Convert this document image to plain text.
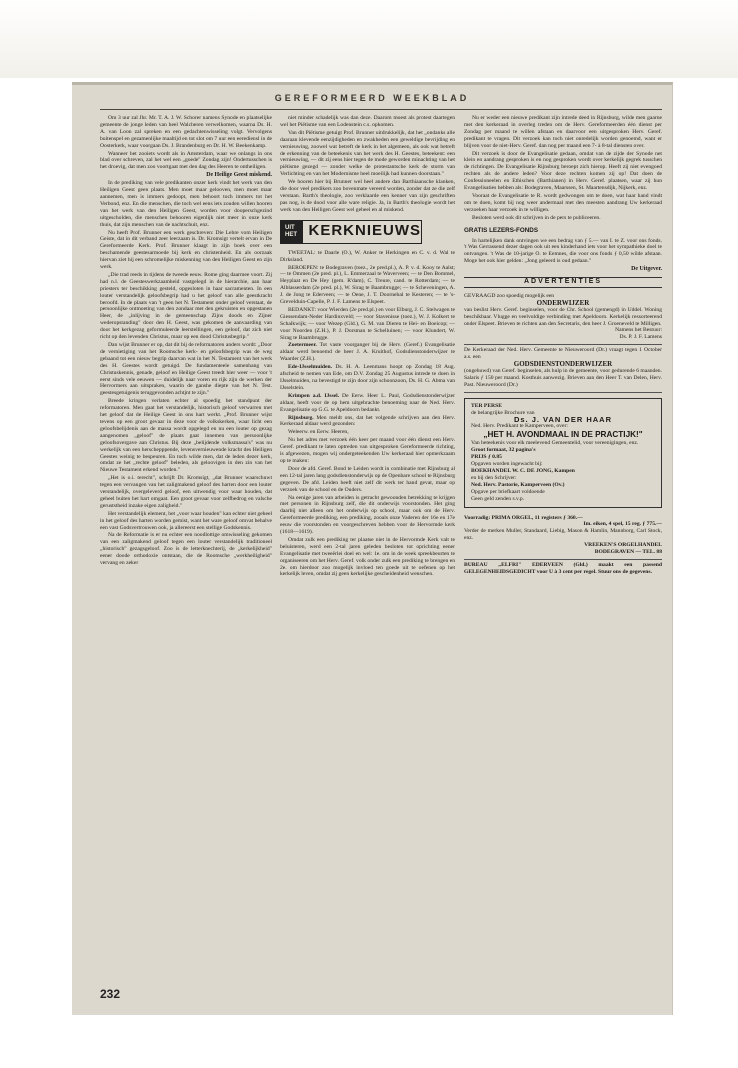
GEREFORMEERD WEEKBLAD

Om 3 uur zal Jhr. Mr. T. A. J. W. Schorer namens Synode en plaatselijke gemeente de jonge leden van heel Walcheren verwelkomen, waarna Ds. H. A. van Loon zal spreken en een gedachtenwisseling volgt. Vervolgens buitenspel en gezamenlijke maaltijd en tot slot om 7 uur een eerediensl in de Oosterkerk, waar voorgaan Ds. J. Brandenburg en Dr. H. W. Beekenkamp.

Wanneer het zooiets wordt als in Amsterdam, waar we onlangs in ons blad over schreven, zal het wel een „goede" Zondag zijn! Ondertusschen is het droevig, dat men zoo voortgaat met den dag des Heeren te ontheiligen.

De Heilige Geest miskend.

In de prediking van vele predikanten onzer kerk vindt het werk van den Heiligen Geest geen plaats. Men moet maar gelooven, men moet maar aannemen, men is immers gedoopt, men behoort toch immers tot het Verbond, enz. En die menschen, die toch wel eens iets zouden willen hooren van het werk van den Heiligen Geest, worden voor dooperschgezind uitgescholden, die menschen behooren eigenlijk niet meer in onze kerk thuis, dat zijn menschen van de nachtschuit, enz.

Nu heeft Prof. Brunner een werk geschreven: Die Lehre vom Heiligen Geiste, dat in dit verband zeer leerzaam is. Dr. Kromsigt vertelt ervan in De Gereformeerde Kerk. Prof. Brunner klaagt in zijn boek over een beschamende geestesarmoede bij kerk en christenheid. En als oorzaak hiervan ziet hij een schromelijke miskenning van den Heiligen Geest en zijn werk.

„Die trad reeds in tijdens de tweede eeuw. Rome ging daarmee voort. Zij had n.l. de Geesteswerkzaamheid vastgelegd in de hierarchie, aan haar priesters ter beschikking gesteld, opgesloten in haar sacramenten. In een louter verstandelijk geloofsbegrip had u het geloof van alle geestkracht beroofd. In de plaats van 't geen het N. Testament onder geloof verstaat, de persoonlijke ontmoeting van den zondaar met den gekruisten en opgestanen Heer, de „inlijving in de gemeenschap Zijns doods en Zijner wederopstanding" door den H. Geest, was gekomen de aanvaarding van door het kerkgezag geformuleerde leerstellingen, een geloof, dat zich niet richt op den levenden Christus, maar op een dood Christusbegrip."

Dan wijst Brunner er op, dat dit bij de reformatoren anders wordt: „Door de vernietiging van het Roomsche kerk- en geloofsbegrip was de weg gebaand tot een nieuw begrip daarvan wat in het N. Testament van het werk des H. Geestes wordt getuigd. De fundamenteele samenhang van Christuskennis, genade, geloof en Heilige Geest treedt hier weer — voor 't eerst sinds vele eeuwen — duidelijk naar voren en rijk zijn de werken der Hervormers aan uitspraken, waarin de ganshe diepte van het N. Test. geestesgetuigenis teruggevonden achtjnt te zijn."

Breede kringen verlaten echter al spoedig het standpunt der reformatoren. Men gaat het verstandelijk, historisch geloof verwarren met het geloof dat de Heilige Geest in ons hart werkt. „Prof. Brunner wijst tevens op een groot gevaar in deze voor de volkskerken, waar licht een geloofsbelijdenis aan de massa wordt opgelegd en nu een louter op gezag aangenomen „geloof" de plaats gaat innemen van persoonlijke geloofsovergave aan Christus. Bij deze „belijdende volksmassa's" was nu werkelijk van een herschepppende, levensvernieuwende kracht des Heiligen Geestes weinig te bespeuren. En toch wilde men, dat de leden dezer kerk, omdat ze het „rechte geloof" beleden, als geloovigen in den zin van het Nieuwe Testament erkend worden."

„Het is o.i. terecht", schrijft Dr. Kromsigt, „dat Brunner waarschuwt tegen een vervangen van het zaligmakend geloof des harten door een louter verstandelijk, overgeleverd geloof, een uitwendig voor waar houden, dat geheel buiten het hart omgaat. Een groot gevaar voor zelfbedrog en valsche geruststheid inzake eigen zaligheid."

Het verstandelijk element, het „voor waar houden" kan echter niet geheel in het geloof des harten worden gemist, want het ware geloof omvat behalve een vast Godsvertrouwen ook, ja allereerst een stellige Godskennis.

Na de Reformatie is er nu echter een noodlottige omwisseling gekomen van een zaligmakend geloof tegen een louter verstandelijk traditioneel „historisch" gezagsgeloof. Zoo is de letterknechterij, de „kerkelijkheid" eener doode orthodoxie ontstaan, die de Roomsche „werkheiligheid" vervang en zeker

niet minder schadelijk was dan deze. Daarom moest als protest daartegen wel het Piëtisme van een Lodenstein c.s. opkomen.

Van dit Piëtisme getuigt Prof. Brunner uitdrukkelijk, dat het „ondanks alle daaraan klevende eenzijdigheden en zwakheden een geweldige bevrijding en vernieuwing, zoowel wat betreft de kerk in het algemeen, als ook wat betreft de erkenning van de beteekenis van het werk des H. Geestes, beteekent: een vernieuwing, — dit zij eens hier tegen de mode geworden minachting van het piëtisme gezegd — zonder welke de protestantsche kerk de storm van Verlichting en van het Modernisme heel moeilijk had kunnen doorstaan."

We hooren hier bij Brunner wel heel andere dan Barthiaansche klanken, die door veel predikers zoo bovenmate vereerd worden, zonder dat ze die zelf verstaan. Barth's theologie, zoo verklaarde een kenner van zijn geschriften pas nog, is de dood voor alle ware religie. Ja, in Barth's theologie wordt het werk van den Heiligen Geest wel geheel en al miskend.

UIT HET KERKNIEUWS

TWEETAL: te Daarle (O.), W. Anker te Herkingen en C. v. d. Wal te Dirksland.

BEROEPEN: te Bodegraven (toez., 2e pred.pl.), A. P. v. d. Kooy te Aalst; — te Ommen (2e pred. pl.), L. Emmerzaal te Waverveen; — te Den Bommel, Heyplaat en De Hey (gem. R'dam), C. Treure, cand. te Rotterdam; — te Alblasserdam (2e pred. pl.), W. Sirag te Baambrugge; — te Scheveningen, A. J. de Jong te Ederveen; — te Oene, J. T. Doornebal te Kesteren; — te 's-Grevelduin-Capelle, P. J. F. Lamens te Elspeet.

BEDANKT: voor Wierden (2e pred.pl.) en voor Elburg, J. C. Stelwagen te Giessendam-Neder Hardinxveld; — voor Stavenisse (toez.), W. J. Kolkert te Schalkwijk; — voor Wezep (Gld.), G. M. van Dieren te Hei- en Boeicop; — voor Noorden (Z.H.), P. J. Dorsman te Schelluinen; — voor Klundert, W. Sirag te Baambrugge.

Zoetermeer. Tot vaste voorganger bij de Herv. (Geref.) Evangelisatie aldaar werd benoemd de heer J. A. Kruithof, Godsdienstonderwijzer te Waarder (Z.H.).

Ede-IJsselmuiden. Ds. H. A. Leenmans hoopt op Zondag 18 Aug. afscheid te nemen van Ede, om D.V. Zondag 25 Augustus intrede te doen in IJsselmuiden, na bevestigd te zijn door zijn schoonzoon, Ds. H. G. Abma van IJsselstein.

Krimpen a.d. IJssel. De Eerw. Heer L. Paul, Godsdienstonderwijzer aldaar, heeft voor de op hem uitgebrachte benoeming naar de Ned. Herv. Evangelisatie op G.G. te Apeldoorn bedankt.

Rijnsburg. Men meldt ons, dat het volgende schrijven aan den Herv. Kerkeraad aldaar werd gezonden:

Weleerw. en Eerw. Heeren,

Nu het adres met verzoek één keer per maand voor één dienst een Herv. Geref. predikant te laten optreden van uitgesproken Gereformeerde richting, is afgewezen, mogen wij ondergeteekenden Uw kerkeraad hier opmerkzaam op te maken:

Door de afd. Geref. Bond te Leiden wordt in combinatie met Rijnsburg al een 12-tal jaren lang godsdienstonderwijs op de Openbare school te Rijnsburg gegeven. De afd. Leiden heeft niet zelf dit werk ter hand gevat, maar op verzoek van de school en de Ouders.

Na eenige jaren van arbeiden is getracht gewoonden betrekking te krijgen met personen in Rijnsburg zelf, die dit onderwijs voorstonden. Het ging daarbij niet alleen om het onderwijs op school, maar ook om de Herv. Gereformeerde prediking, een prediking, zooals onze Vaderen der 16e en 17e eeuw die voorstonden en voorgeschreven hebben voor de Hervormde kerk (1618—1619).

Omdat zulk een prediking ter plaatse niet in de Hervormde Kerk valt te beluisteren, werd een 2-tal jaren geleden besloten tot oprichting eener Evangelisatie met tweeërlei doel en wel: 1e. om in de week spreekbeurten te organiseeren om het Herv. Geref. volk onder zulk een prediking te brengen en 2e. om hierdoor zoo mogelijk invloed ten goede uit te oefenen op het kerkelijk leven, omdat zij geen kerkelijke gescheidenheid wenschen.

Nu er weder een nieuwe predikant zijn intrede deed in Rijnsburg, wilde men gaarne met den kerkeraad in overleg treden om de Herv. Gereformeerden één dienst per Zondag per maand te willen afstaan en daarvoor een uitgesproken Herv. Geref. predikant te vragen. Dit verzoek kan toch niet onredelijk worden genoemd, want er blijven voor de niet-Herv. Geref. dan nog per maand een 7- à 8-tal diensten over.

Dit verzoek is door de Evangelisatie gedaan, omdat van de zijde der Synode net klein en aandrang gesproken is en nog gesproken wordt over kerkelijk gegrek tusschen de richtingen. De Evangelisatie Rijnsburg beroept zich hierop. Heeft zij niet evengoed rechten als de andere leden? Voor deze rechten komen zij op! Dat doen de Confessioneelen en Ethischen (Barthianen) in Herv. Geref. plaatsen, waar zij hun Evangelisaties hebben als: Bodegraven, Maarssen, St. Maartensdijk, Nijkerk, enz.

Vooraat de Evangelisatie te R. wordt gedwongen om te doen, wat haar hand vindt om te doen, komt hij nog weer andermaal met den meesten aandrang Uw kerkeraad verzoeken haar verzoek in te willigen.

Besloten werd ook dit schrijven in de pers te publiceeren.

GRATIS LEZERS-FONDS

In hartelijken dank ontvingen we een bedrag van ƒ 5.— van I. te Z. voor ons fonds. 't Was Gerrassend dezer dagen ook uit een kinderhand iets voor het sympathieke doel te ontvangen. 't Was de 10-jarige O. te Eemnes, die voor ons fonds ƒ 0,50 wilde afstaan. Moge het ook hier gelden: „Jong geleerd is oud gedaan."

De Uitgever.

ADVERTENTIES

GEVRAAGD zoo spoedig mogelijk een

ONDERWIJZER

van beslist Herv. Geref. beginselen, voor de Chr. School (gemengd) in Uddel. Woning beschikbaar. Vlugge en veelvuldige verbinding met Apeldoorn. Kerkelijk ressorteerend onder Elspeet. Brieven te richten aan den Secretaris, den heer J. Groeneveld te Milligen.

Namens het Bestuur:

Ds. P. J. F. Lamens

De Kerkeraad der Ned. Herv. Gemeente te Nieuweroord (Dr.) vraagt tegen 1 October a.s. een

GODSDIENSTONDERWIJZER

(ongehuwd) van Geref. beginselen, als hulp in de gemeente, voor gedurende 6 maanden. Salaris ƒ 150 per maand. Kosthuis aanwezig. Brieven aan den Heer T. van Delen, Herv. Past. Nieuweroord (Dr.)

TER PERSE

de belangrijke Brochure van

Ds. J. VAN DER HAAR

Ned. Herv. Predikant te Kamperveen, over:

„HET H. AVONDMAAL IN DE PRACTIJK!"

Van beteekenis voor elk meelevend Gemeentelid, voor vereenigingen, enz.

Groot formaat, 32 pagina's

PRIJS ƒ 0.85

Opgaven worden ingewacht bij:

BOEKHANDEL W. C. DE JONG, Kampen

en bij den Schrijver:

Ned. Herv. Pastorie, Kamperveen (Ov.)

Opgave per briefkaart voldoende

Geen geld zenden s.v.p.

Voorradig: PRIMA ORGEL, 11 registers ƒ 360.—

Im. eiken, 4 spel, 15 reg. ƒ 775.—

Verder de merken Muller, Standaard, Liebig, Mason & Hamlin, Mannborg, Carl Stock, enz.

VREEKEN'S ORGELHANDEL

BODEGRAVEN — TEL. 88

BUREAU „ELFRI" EDERVEEN (Gld.) maakt een passend GELEGENHEIDSGEDICHT voor U à 3 cent per regel. Stuur ons de gegevens.

232
